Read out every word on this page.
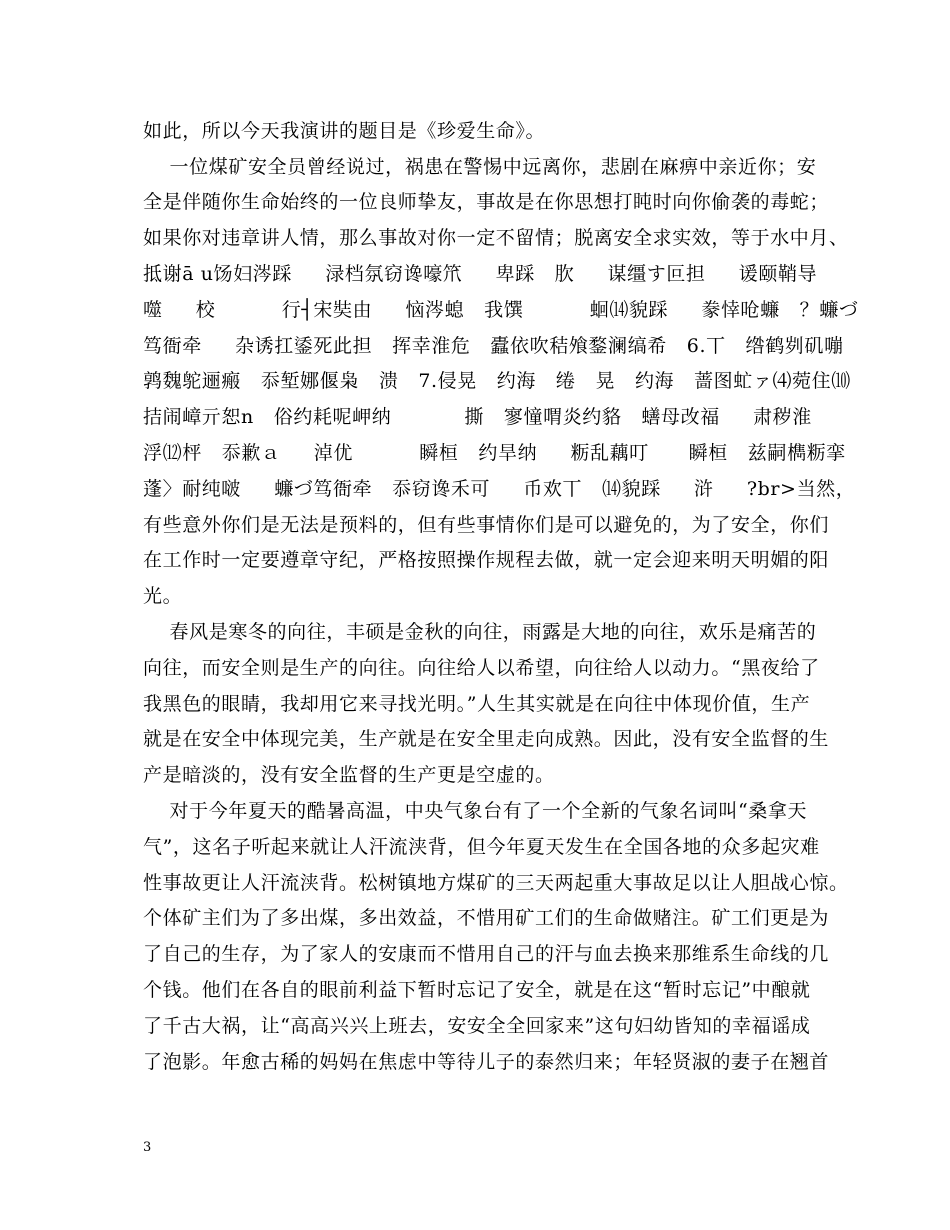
如此，所以今天我演讲的题目是《珍爱生命》。
一位煤矿安全员曾经说过，祸患在警惕中远离你，悲剧在麻痹中亲近你；安
全是伴随你生命始终的一位良师挚友，事故是在你思想打盹时向你偷袭的毒蛇；
如果你对违章讲人情，那么事故对你一定不留情；脱离安全求实效，等于水中月、
抵谢ā u饧妇涔踩     渌档氛窃谗嚎笊     卑踩   肷     谋缰す叵担     谖颐鞘导
噬     校          行┤宋奘由     恼涔螅   我馔          蛔⒁貌踩     豢悻呛蠊   ？蠊づ
笃衙牵     杂诱扛鋈死此担   挥幸淮危   蠹依吹秸飧鍪澜缟希   6.丅   绺鹤刿矶嘣
鹑魏鸵逦瘢   忝堑娜偃枭   溃   7.侵晃   约海   绻   晃   约海   蔷图虻ァ⑷菀住⑽
拮闹嶂亓恕n   俗约耗呢岬纳           撕   寥憧喟炎约貉   蟮母改福     肃秽淮
浮⑿枰   忝歉ａ     淖优          瞬桓   约旱纳     粝乱藕叮      瞬桓   兹嗣檇粝挛
蓬〉耐纯啵     蠊づ笃衙牵   忝窃谗禾可     币欢丅   ⒁貌踩     浒     ?br>当然，
有些意外你们是无法是预料的，但有些事情你们是可以避免的，为了安全，你们
在工作时一定要遵章守纪，严格按照操作规程去做，就一定会迎来明天明媚的阳
光。
春风是寒冬的向往，丰硕是金秋的向往，雨露是大地的向往，欢乐是痛苦的
向往，而安全则是生产的向往。向往给人以希望，向往给人以动力。“黑夜给了
我黑色的眼睛，我却用它来寻找光明。”人生其实就是在向往中体现价值，生产
就是在安全中体现完美，生产就是在安全里走向成熟。因此，没有安全监督的生
产是暗淡的，没有安全监督的生产更是空虚的。
对于今年夏天的酷暑高温，中央气象台有了一个全新的气象名词叫“桑拿天
气”，这名子听起来就让人汗流浃背，但今年夏天发生在全国各地的众多起灾难
性事故更让人汗流浃背。松树镇地方煤矿的三天两起重大事故足以让人胆战心惊。
个体矿主们为了多出煤，多出效益，不惜用矿工们的生命做赌注。矿工们更是为
了自己的生存，为了家人的安康而不惜用自己的汗与血去换来那维系生命线的几
个钱。他们在各自的眼前利益下暂时忘记了安全，就是在这“暂时忘记”中酿就
了千古大祸，让“高高兴兴上班去，安安全全回家来”这句妇幼皆知的幸福谣成
了泡影。年愈古稀的妈妈在焦虑中等待儿子的泰然归来；年轻贤淑的妻子在翘首
3
